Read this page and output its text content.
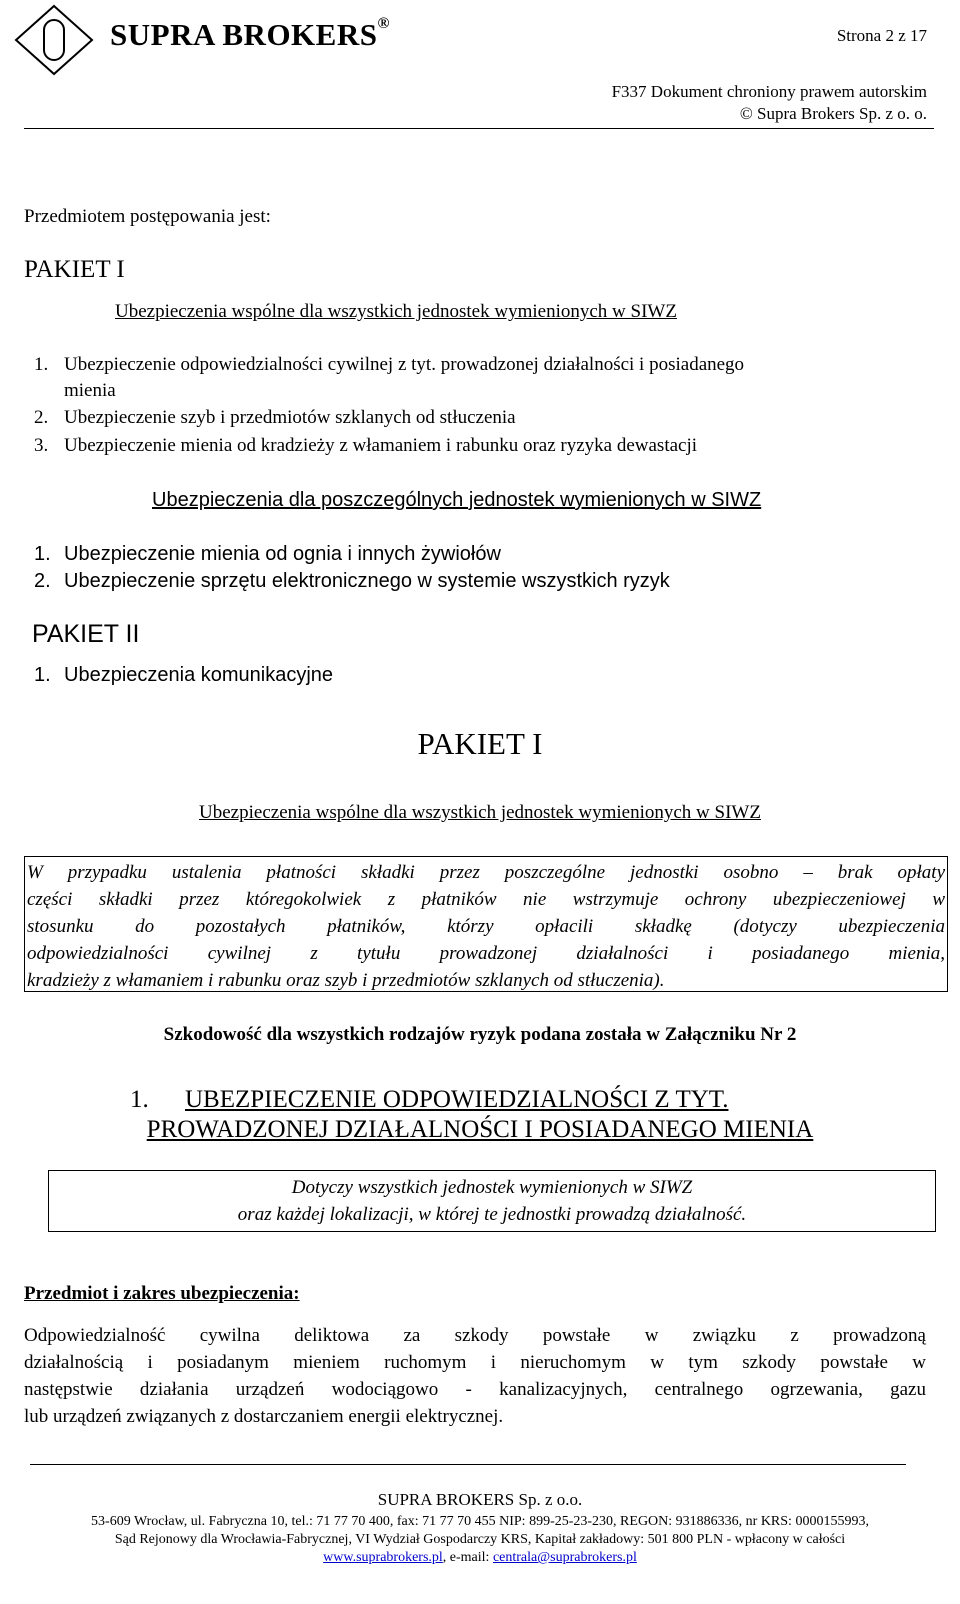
SUPRA BROKERS®
Strona 2 z 17
F337 Dokument chroniony prawem autorskim
© Supra Brokers Sp. z o. o.
Przedmiotem postępowania jest:
PAKIET I
Ubezpieczenia wspólne dla wszystkich jednostek wymienionych w SIWZ
1. Ubezpieczenie odpowiedzialności cywilnej z tyt. prowadzonej działalności i posiadanego
mienia
2. Ubezpieczenie szyb i przedmiotów szklanych od stłuczenia
3. Ubezpieczenie mienia od kradzieży z włamaniem i rabunku oraz ryzyka dewastacji
Ubezpieczenia dla poszczególnych jednostek wymienionych w SIWZ
1. Ubezpieczenie mienia od ognia i innych żywiołów
2. Ubezpieczenie sprzętu elektronicznego w systemie wszystkich ryzyk
PAKIET II
1. Ubezpieczenia komunikacyjne
PAKIET I
Ubezpieczenia wspólne dla wszystkich jednostek wymienionych w SIWZ
W przypadku ustalenia płatności składki przez poszczególne jednostki osobno – brak opłaty
części składki przez któregokolwiek z płatników nie wstrzymuje ochrony ubezpieczeniowej w
stosunku do pozostałych płatników, którzy opłacili składkę (dotyczy ubezpieczenia
odpowiedzialności cywilnej z tytułu prowadzonej działalności i posiadanego mienia,
kradzieży z włamaniem i rabunku oraz szyb i przedmiotów szklanych od stłuczenia).
Szkodowość dla wszystkich rodzajów ryzyk podana została w Załączniku Nr 2
1. UBEZPIECZENIE ODPOWIEDZIALNOŚCI Z TYT.
PROWADZONEJ DZIAŁALNOŚCI I POSIADANEGO MIENIA
Dotyczy wszystkich jednostek wymienionych w SIWZ
oraz każdej lokalizacji, w której te jednostki prowadzą działalność.
Przedmiot i zakres ubezpieczenia:
Odpowiedzialność cywilna deliktowa za szkody powstałe w związku z prowadzoną
działalnością i posiadanym mieniem ruchomym i nieruchomym w tym szkody powstałe w
następstwie działania urządzeń wodociągowo - kanalizacyjnych, centralnego ogrzewania, gazu
lub urządzeń związanych z dostarczaniem energii elektrycznej.
SUPRA BROKERS Sp. z o.o.
53-609 Wrocław, ul. Fabryczna 10, tel.: 71 77 70 400, fax: 71 77 70 455 NIP: 899-25-23-230, REGON: 931886336, nr KRS: 0000155993,
Sąd Rejonowy dla Wrocławia-Fabrycznej, VI Wydział Gospodarczy KRS, Kapitał zakładowy: 501 800 PLN - wpłacony w całości
www.suprabrokers.pl, e-mail: centrala@suprabrokers.pl
